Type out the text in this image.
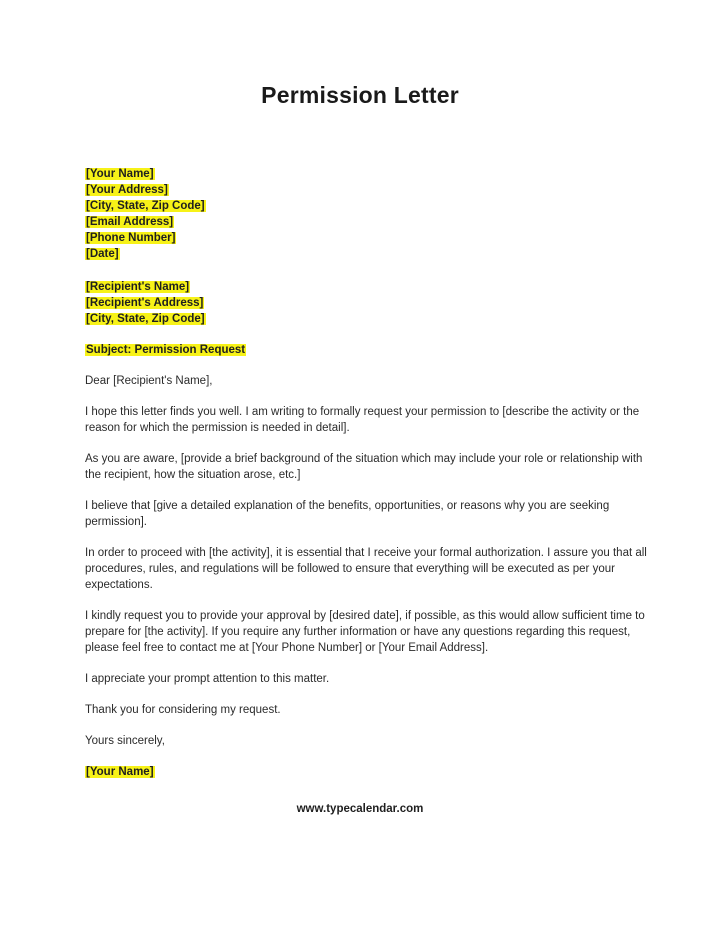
Permission Letter
[Your Name]
[Your Address]
[City, State, Zip Code]
[Email Address]
[Phone Number]
[Date]
[Recipient's Name]
[Recipient's Address]
[City, State, Zip Code]
Subject: Permission Request

Dear [Recipient's Name],

I hope this letter finds you well. I am writing to formally request your permission to [describe the activity or the reason for which the permission is needed in detail].

As you are aware, [provide a brief background of the situation which may include your role or relationship with the recipient, how the situation arose, etc.]

I believe that [give a detailed explanation of the benefits, opportunities, or reasons why you are seeking permission].

In order to proceed with [the activity], it is essential that I receive your formal authorization. I assure you that all procedures, rules, and regulations will be followed to ensure that everything will be executed as per your expectations.

I kindly request you to provide your approval by [desired date], if possible, as this would allow sufficient time to prepare for [the activity]. If you require any further information or have any questions regarding this request, please feel free to contact me at [Your Phone Number] or [Your Email Address].

I appreciate your prompt attention to this matter.

Thank you for considering my request.

Yours sincerely,

[Your Name]
www.typecalendar.com
